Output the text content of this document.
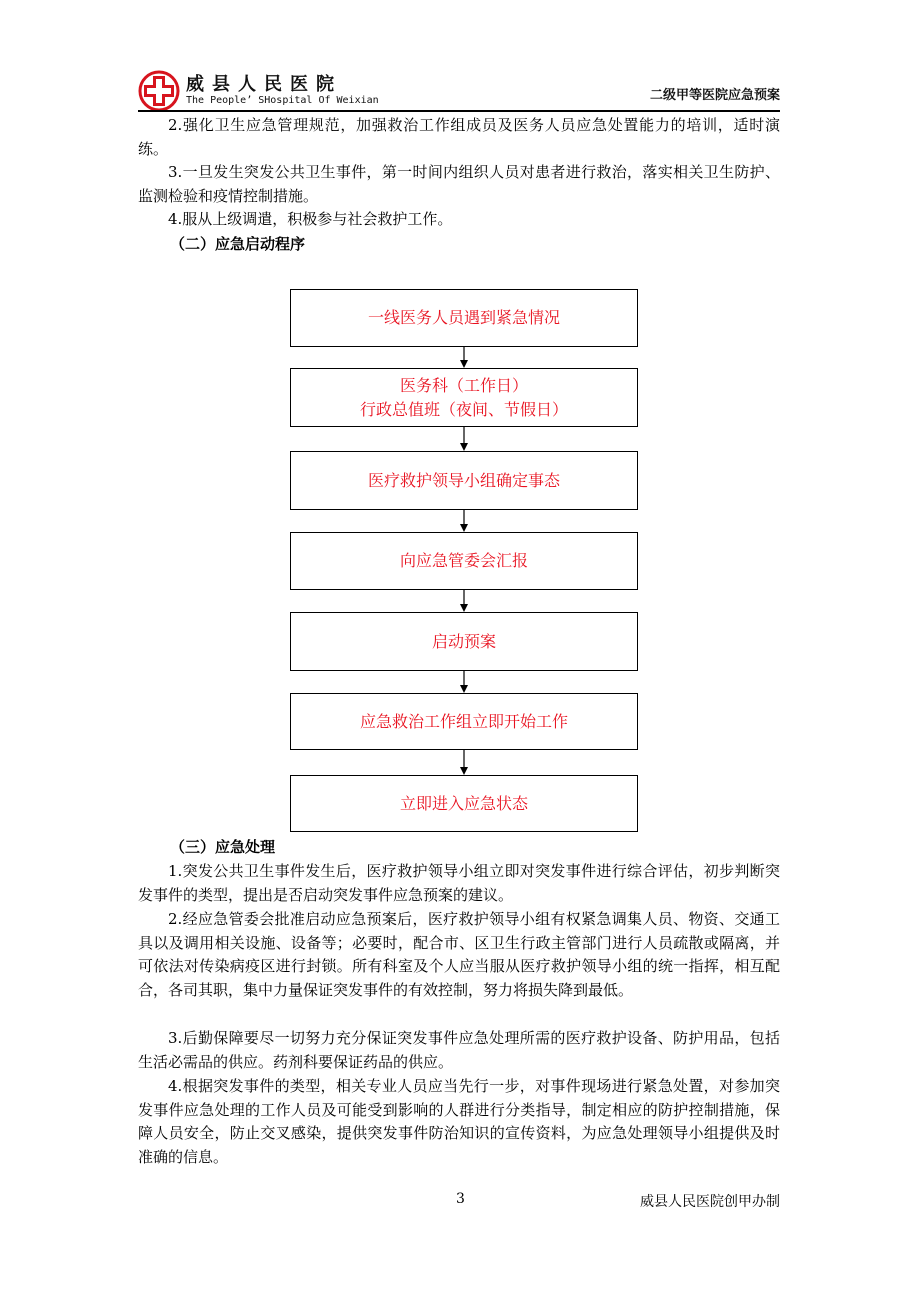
威县人民医院
The People’ SHospital Of Weixian	二级甲等医院应急预案

2.强化卫生应急管理规范，加强救治工作组成员及医务人员应急处置能力的培训，适时演练。

3.一旦发生突发公共卫生事件，第一时间内组织人员对患者进行救治，落实相关卫生防护、监测检验和疫情控制措施。

4.服从上级调遣，积极参与社会救护工作。

（二）应急启动程序
一线医务人员遇到紧急情况
医务科（工作日）
行政总值班（夜间、节假日）
医疗救护领导小组确定事态
向应急管委会汇报
启动预案
应急救治工作组立即开始工作
立即进入应急状态
（三）应急处理

1.突发公共卫生事件发生后，医疗救护领导小组立即对突发事件进行综合评估，初步判断突发事件的类型，提出是否启动突发事件应急预案的建议。

2.经应急管委会批准启动应急预案后，医疗救护领导小组有权紧急调集人员、物资、交通工具以及调用相关设施、设备等；必要时，配合市、区卫生行政主管部门进行人员疏散或隔离，并可依法对传染病疫区进行封锁。所有科室及个人应当服从医疗救护领导小组的统一指挥，相互配合，各司其职，集中力量保证突发事件的有效控制，努力将损失降到最低。

3.后勤保障要尽一切努力充分保证突发事件应急处理所需的医疗救护设备、防护用品，包括生活必需品的供应。药剂科要保证药品的供应。

4.根据突发事件的类型，相关专业人员应当先行一步，对事件现场进行紧急处置，对参加突发事件应急处理的工作人员及可能受到影响的人群进行分类指导，制定相应的防护控制措施，保障人员安全，防止交叉感染，提供突发事件防治知识的宣传资料，为应急处理领导小组提供及时准确的信息。

3	威县人民医院创甲办制
